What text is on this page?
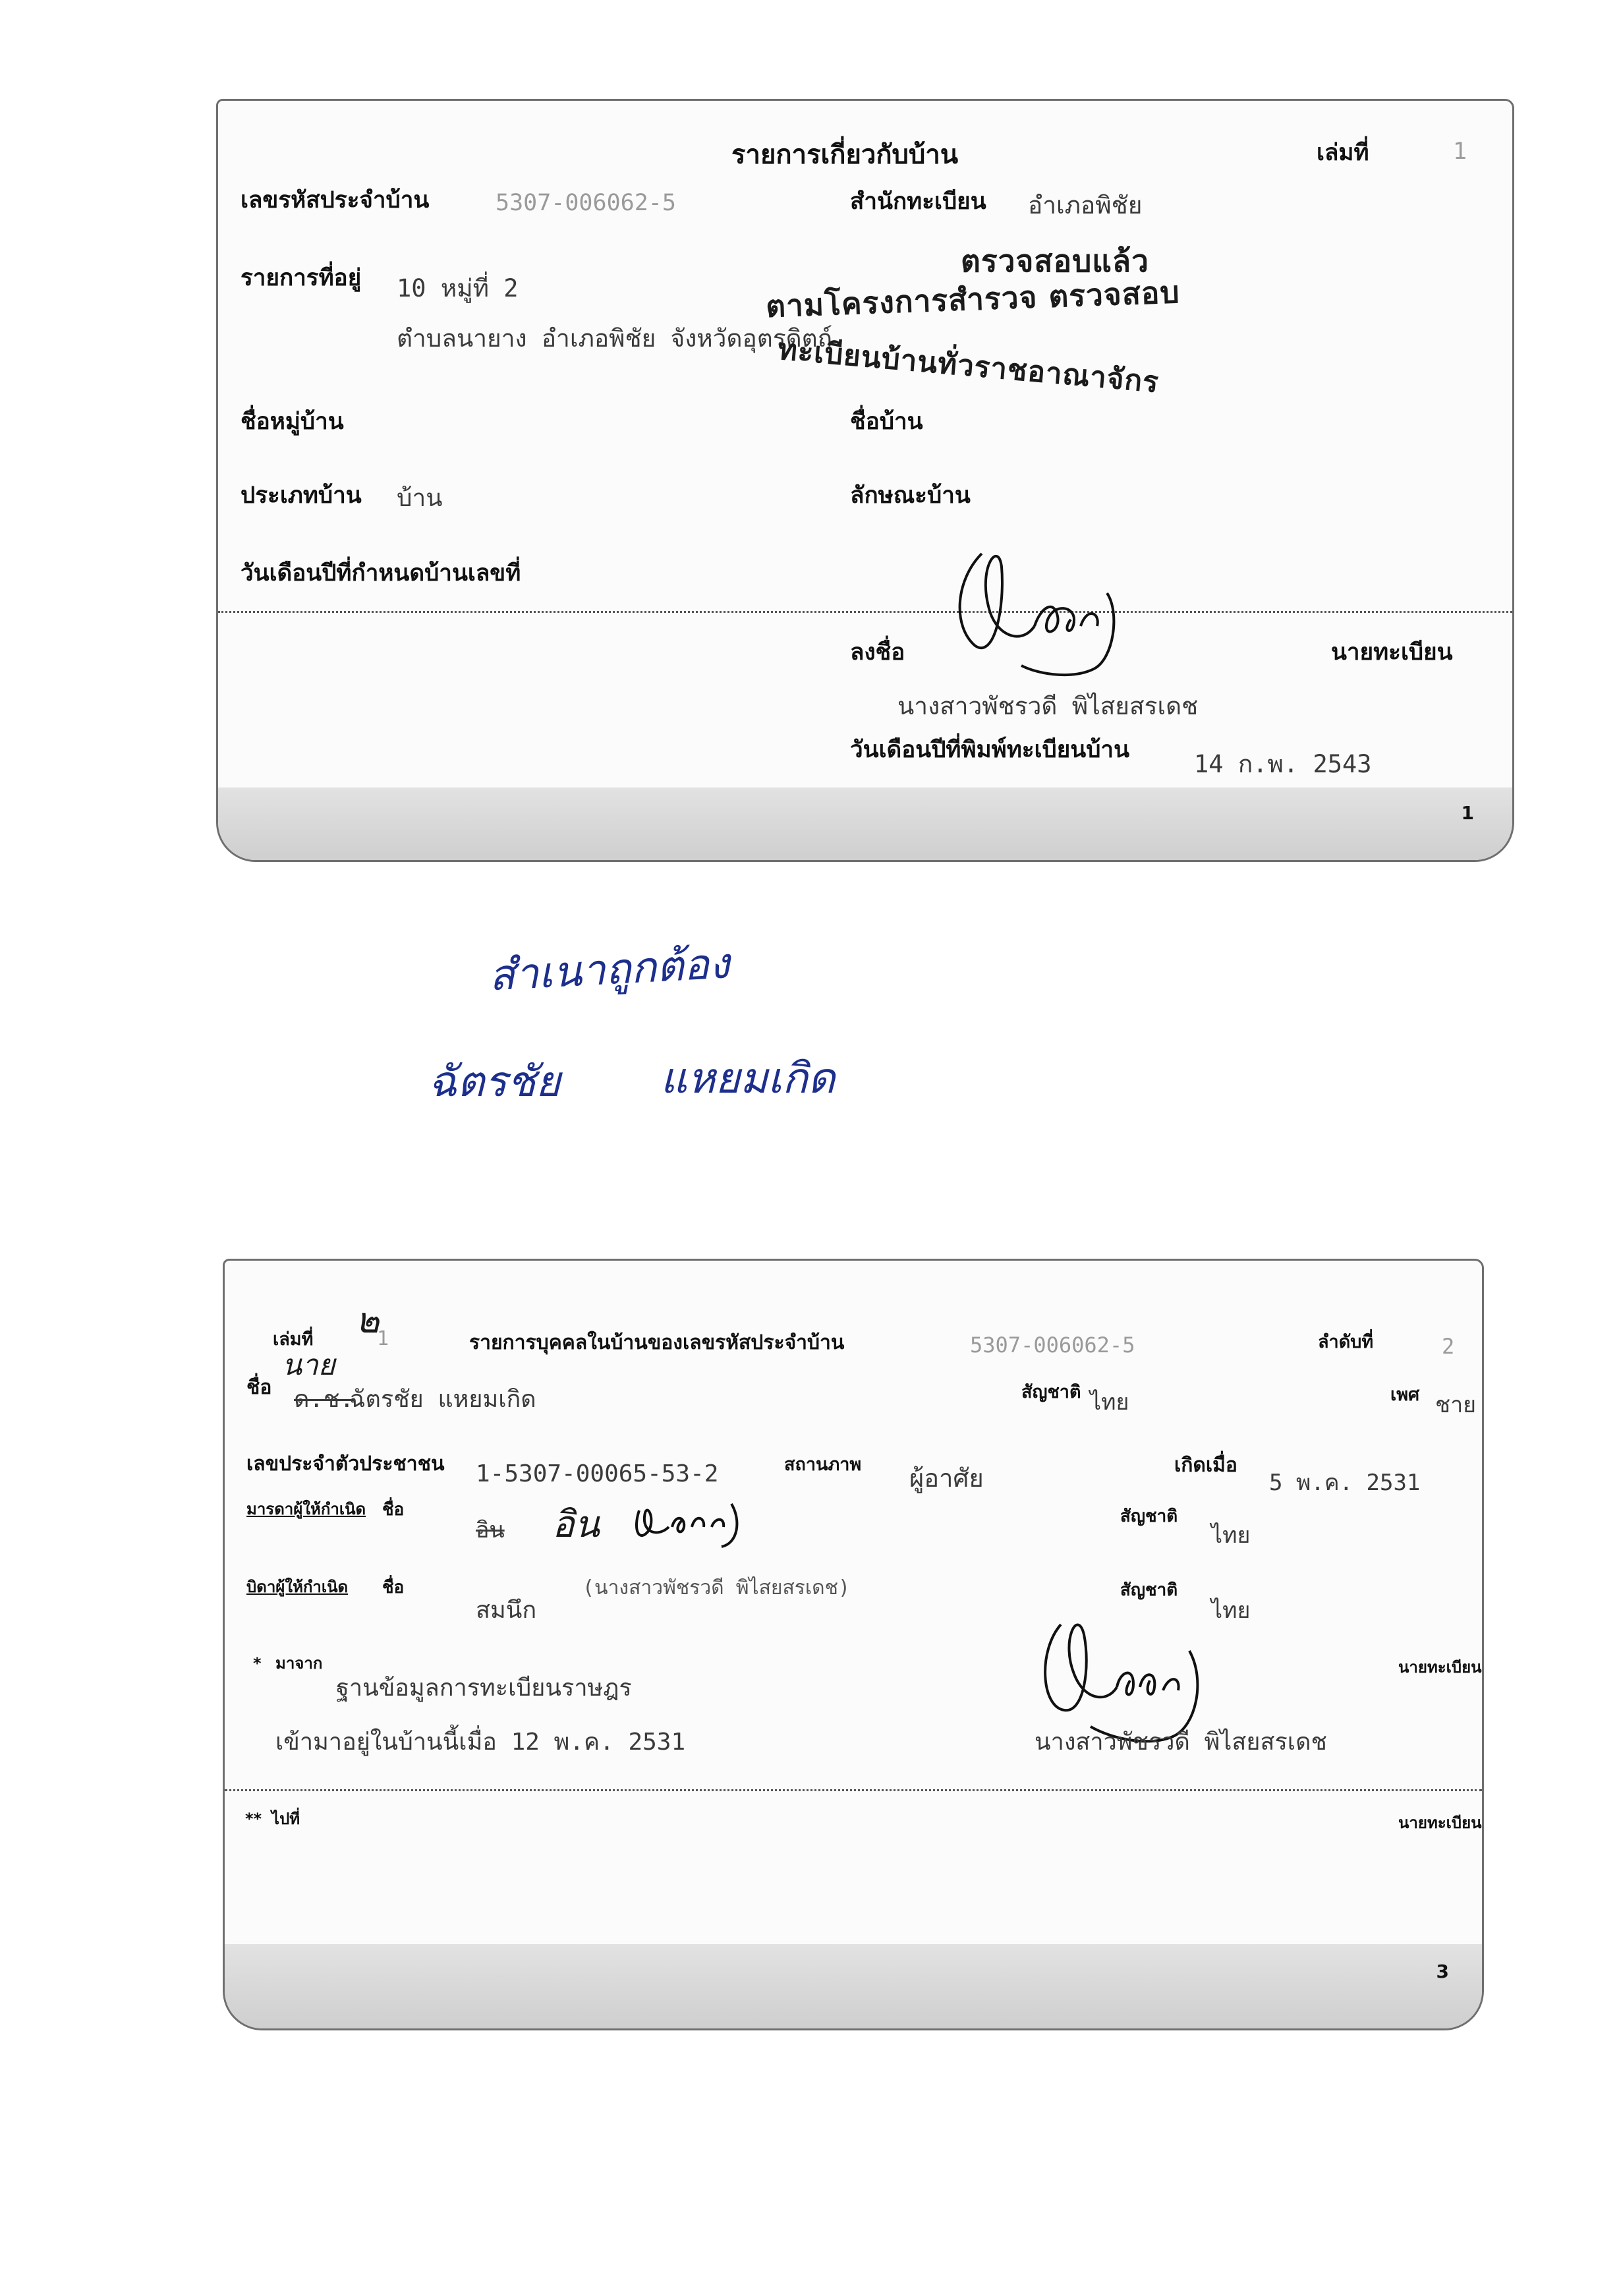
1
รายการเกี่ยวกับบ้าน	เล่มที่	1
เลขรหัสประจำบ้าน	5307-006062-5	สำนักทะเบียน อำเภอพิชัย
รายการที่อยู่ 10 หมู่ที่ 2
ตำบลนายาง อำเภอพิชัย จังหวัดอุตรดิตถ์
ตรวจสอบแล้ว
ตามโครงการสำรวจ ตรวจสอบ
ทะเบียนบ้านทั่วราชอาณาจักร
ชื่อหมู่บ้าน	ชื่อบ้าน
ประเภทบ้าน บ้าน	ลักษณะบ้าน
วันเดือนปีที่กำหนดบ้านเลขที่
ลงชื่อ	นายทะเบียน
นางสาวพัชรวดี พิไสยสรเดช
วันเดือนปีที่พิมพ์ทะเบียนบ้าน	14 ก.พ. 2543
สำเนาถูกต้อง
ฉัตรชัย แหยมเกิด
3
เล่มที่	1
๒
รายการบุคคลในบ้านของเลขรหัสประจำบ้าน	5307-006062-5	ลำดับที่	2
ชื่อ ด.ช.
นาย
ฉัตรชัย แหยมเกิด	สัญชาติ ไทย	เพศ ชาย
เลขประจำตัวประชาชน 1-5307-00065-53-2	สถานภาพ ผู้อาศัย	เกิดเมื่อ
5 พ.ค. 2531
มารดาผู้ให้กำเนิด ชื่อ
อิน อิน	สัญชาติ
ไทย
บิดาผู้ให้กำเนิด ชื่อ
สมนึก
(นางสาวพัชรวดี พิไสยสรเดช)	สัญชาติ
ไทย
* มาจาก
ฐานข้อมูลการทะเบียนราษฎร
เข้ามาอยู่ในบ้านนี้เมื่อ 12 พ.ค. 2531
นายทะเบียน
นางสาวพัชรวดี พิไสยสรเดช
** ไปที่	นายทะเบียน
